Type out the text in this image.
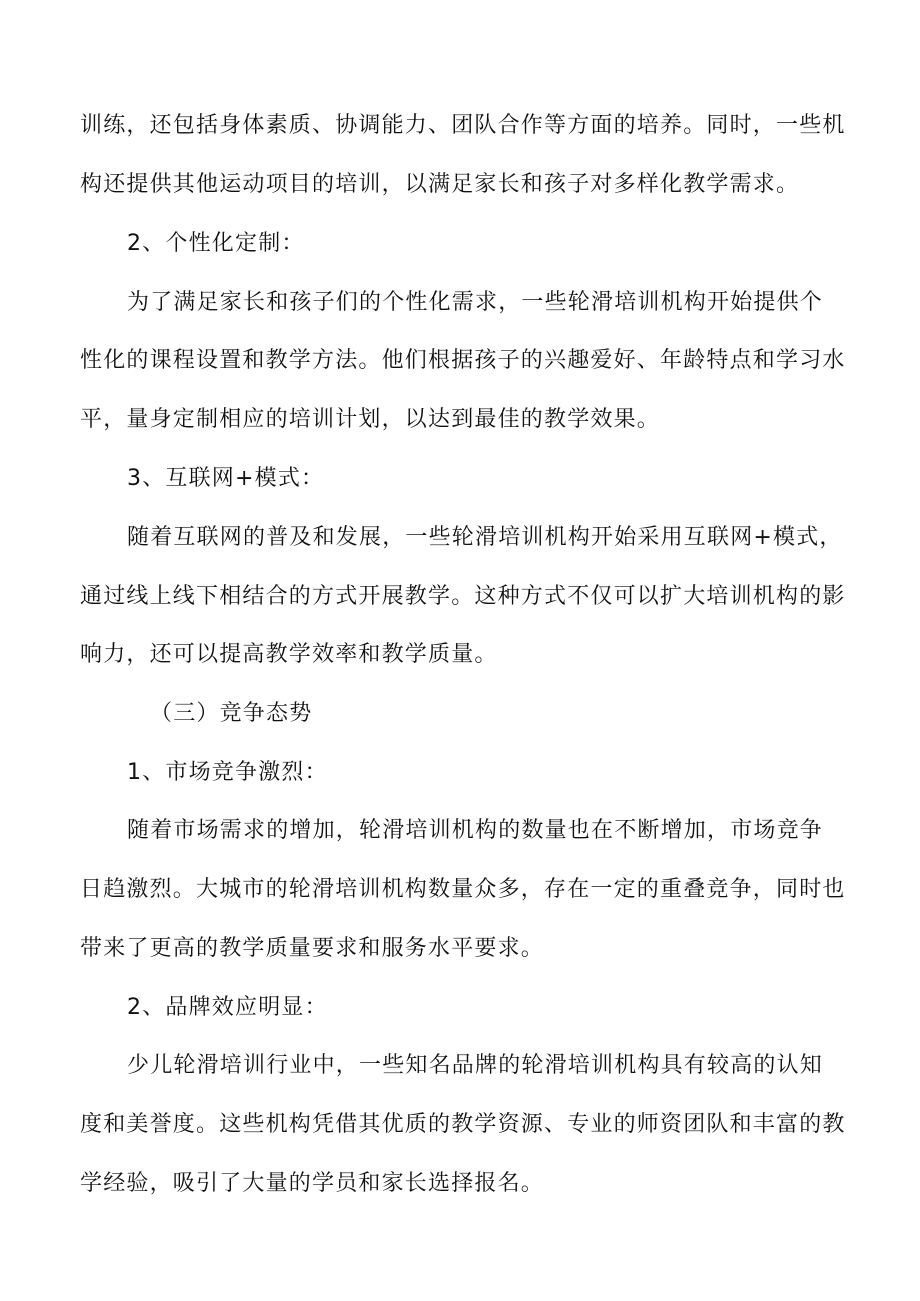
训练，还包括身体素质、协调能力、团队合作等方面的培养。同时，一些机
构还提供其他运动项目的培训，以满足家长和孩子对多样化教学需求。
2、个性化定制：
为了满足家长和孩子们的个性化需求，一些轮滑培训机构开始提供个
性化的课程设置和教学方法。他们根据孩子的兴趣爱好、年龄特点和学习水
平，量身定制相应的培训计划，以达到最佳的教学效果。
3、互联网+模式：
随着互联网的普及和发展，一些轮滑培训机构开始采用互联网+模式，
通过线上线下相结合的方式开展教学。这种方式不仅可以扩大培训机构的影
响力，还可以提高教学效率和教学质量。
（三）竞争态势
1、市场竞争激烈：
随着市场需求的增加，轮滑培训机构的数量也在不断增加，市场竞争
日趋激烈。大城市的轮滑培训机构数量众多，存在一定的重叠竞争，同时也
带来了更高的教学质量要求和服务水平要求。
2、品牌效应明显：
少儿轮滑培训行业中，一些知名品牌的轮滑培训机构具有较高的认知
度和美誉度。这些机构凭借其优质的教学资源、专业的师资团队和丰富的教
学经验，吸引了大量的学员和家长选择报名。
